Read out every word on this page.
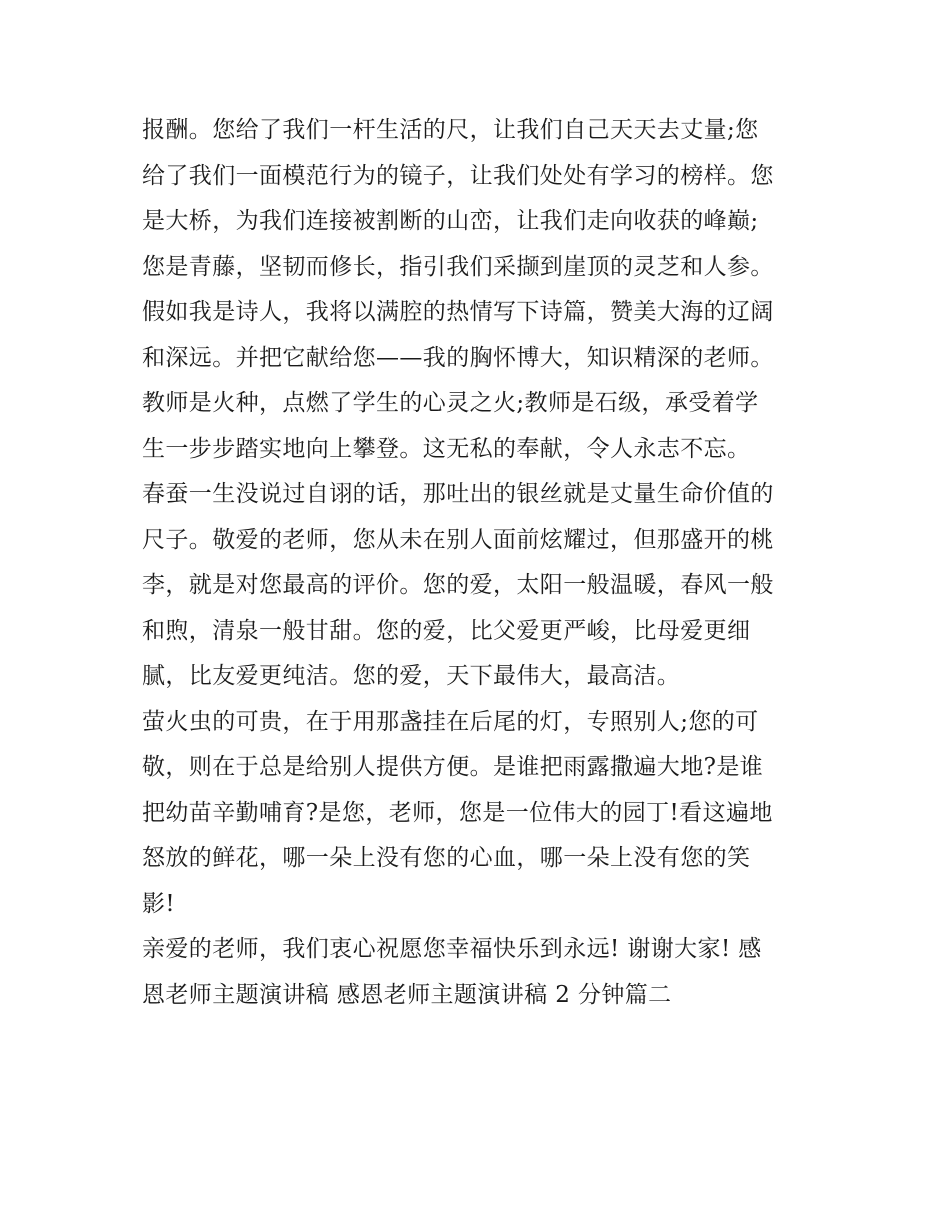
报酬。您给了我们一杆生活的尺，让我们自己天天去丈量;您
给了我们一面模范行为的镜子，让我们处处有学习的榜样。您
是大桥，为我们连接被割断的山峦，让我们走向收获的峰巅;
您是青藤，坚韧而修长，指引我们采撷到崖顶的灵芝和人参。
假如我是诗人，我将以满腔的热情写下诗篇，赞美大海的辽阔
和深远。并把它献给您——我的胸怀博大，知识精深的老师。
教师是火种，点燃了学生的心灵之火;教师是石级，承受着学
生一步步踏实地向上攀登。这无私的奉献，令人永志不忘。
春蚕一生没说过自诩的话，那吐出的银丝就是丈量生命价值的
尺子。敬爱的老师，您从未在别人面前炫耀过，但那盛开的桃
李，就是对您最高的评价。您的爱，太阳一般温暖，春风一般
和煦，清泉一般甘甜。您的爱，比父爱更严峻，比母爱更细
腻，比友爱更纯洁。您的爱，天下最伟大，最高洁。
萤火虫的可贵，在于用那盏挂在后尾的灯，专照别人;您的可
敬，则在于总是给别人提供方便。是谁把雨露撒遍大地?是谁
把幼苗辛勤哺育?是您，老师，您是一位伟大的园丁!看这遍地
怒放的鲜花，哪一朵上没有您的心血，哪一朵上没有您的笑
影!
亲爱的老师，我们衷心祝愿您幸福快乐到永远! 谢谢大家! 感
恩老师主题演讲稿 感恩老师主题演讲稿 2 分钟篇二
